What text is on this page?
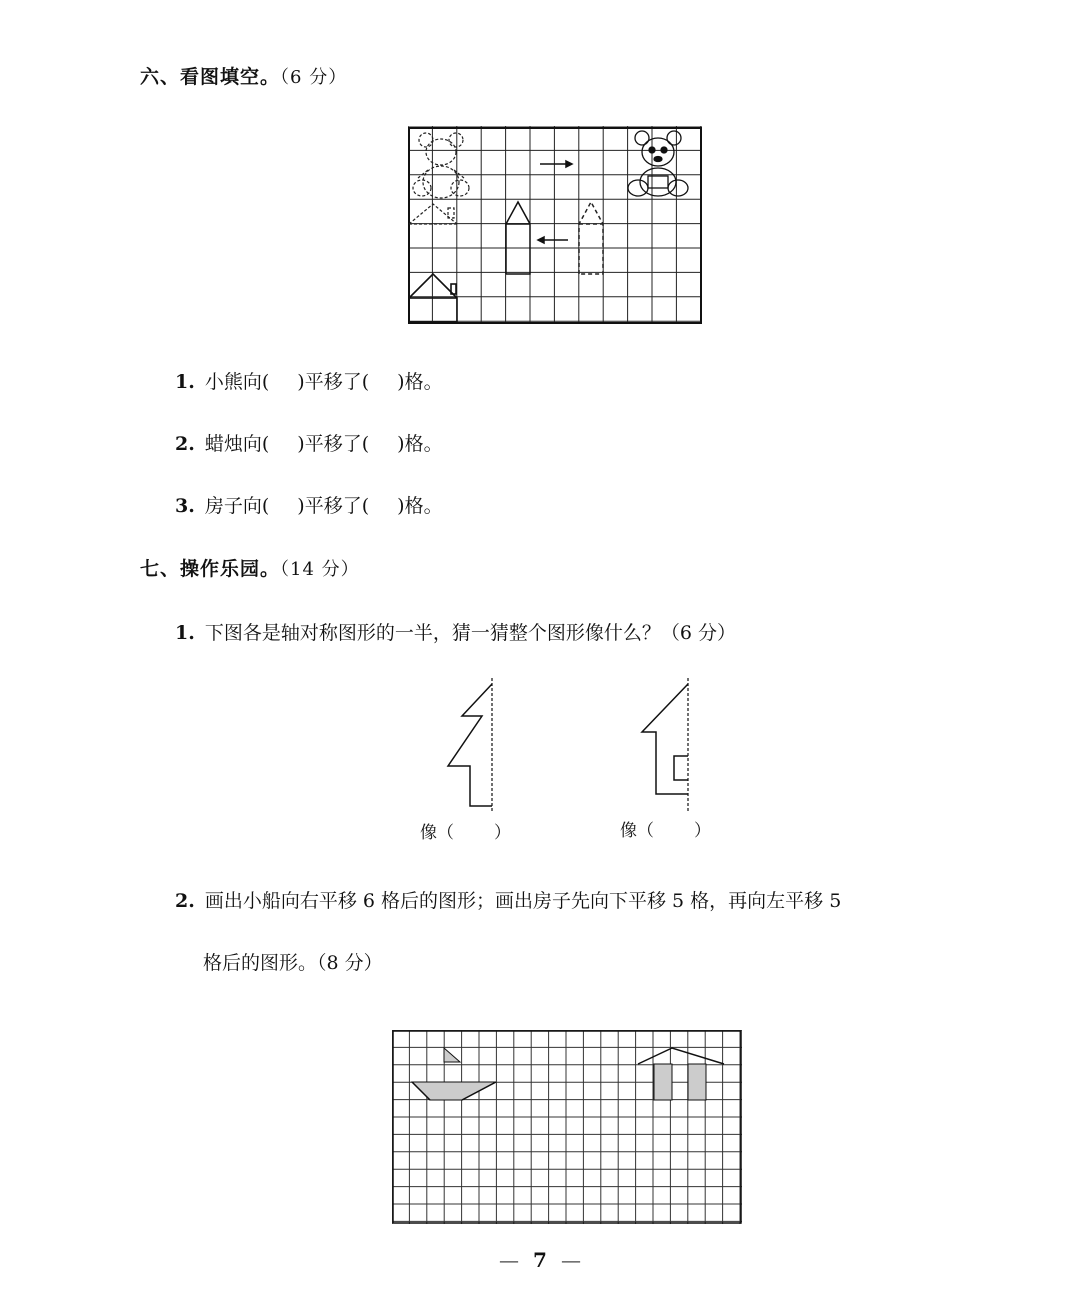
六、看图填空。（6 分）
1. 小熊向( )平移了( )格。
2. 蜡烛向( )平移了( )格。
3. 房子向( )平移了( )格。
七、操作乐园。（14 分）
1. 下图各是轴对称图形的一半，猜一猜整个图形像什么？（6 分）
像（ ）	像（ ）
2. 画出小船向右平移 6 格后的图形；画出房子先向下平移 5 格，再向左平移 5
格后的图形。（8 分）
— 7 —
